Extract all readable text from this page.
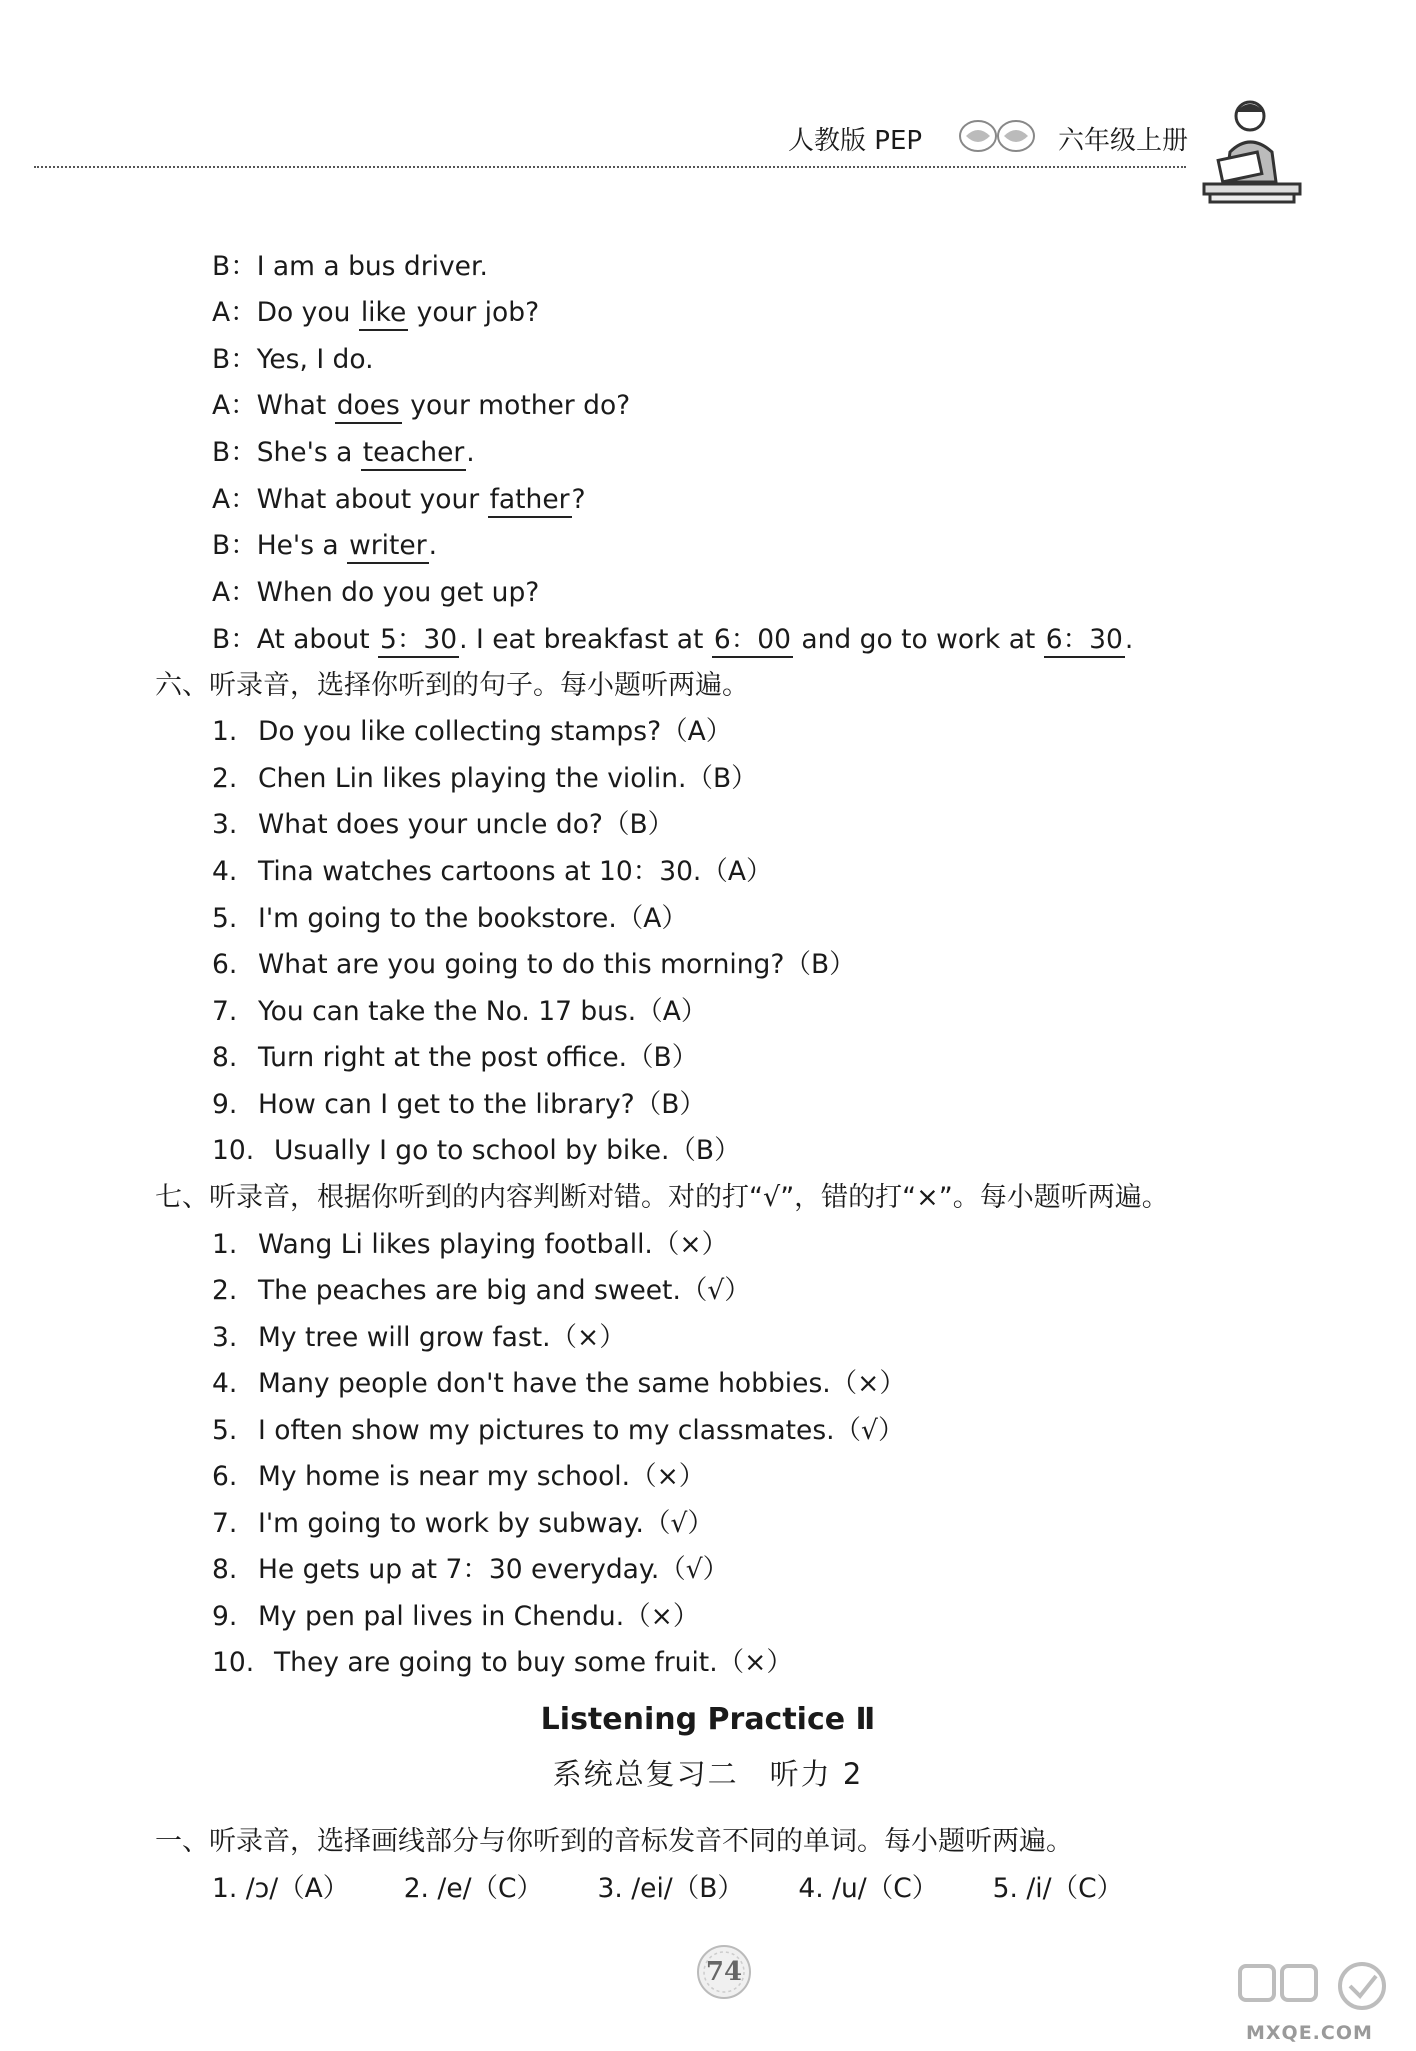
人教版 PEP	六年级上册
B：I am a bus driver.
A：Do you like your job?
B：Yes, I do.
A：What does your mother do?
B：She's a teacher.
A：What about your father?
B：He's a writer.
A：When do you get up?
B：At about 5：30. I eat breakfast at 6：00 and go to work at 6：30.
六、听录音，选择你听到的句子。每小题听两遍。
1. Do you like collecting stamps?（A）
2. Chen Lin likes playing the violin.（B）
3. What does your uncle do?（B）
4. Tina watches cartoons at 10：30.（A）
5. I'm going to the bookstore.（A）
6. What are you going to do this morning?（B）
7. You can take the No. 17 bus.（A）
8. Turn right at the post office.（B）
9. How can I get to the library?（B）
10. Usually I go to school by bike.（B）
七、听录音，根据你听到的内容判断对错。对的打“√”，错的打“×”。每小题听两遍。
1. Wang Li likes playing football.（×）
2. The peaches are big and sweet.（√）
3. My tree will grow fast.（×）
4. Many people don't have the same hobbies.（×）
5. I often show my pictures to my classmates.（√）
6. My home is near my school.（×）
7. I'm going to work by subway.（√）
8. He gets up at 7：30 everyday.（√）
9. My pen pal lives in Chendu.（×）
10. They are going to buy some fruit.（×）
Listening Practice Ⅱ
系统总复习二　听力 2
一、听录音，选择画线部分与你听到的音标发音不同的单词。每小题听两遍。
1. /ɔ/（A） 2. /e/（C） 3. /ei/（B） 4. /u/（C） 5. /i/（C）
74
MXQE.COM
